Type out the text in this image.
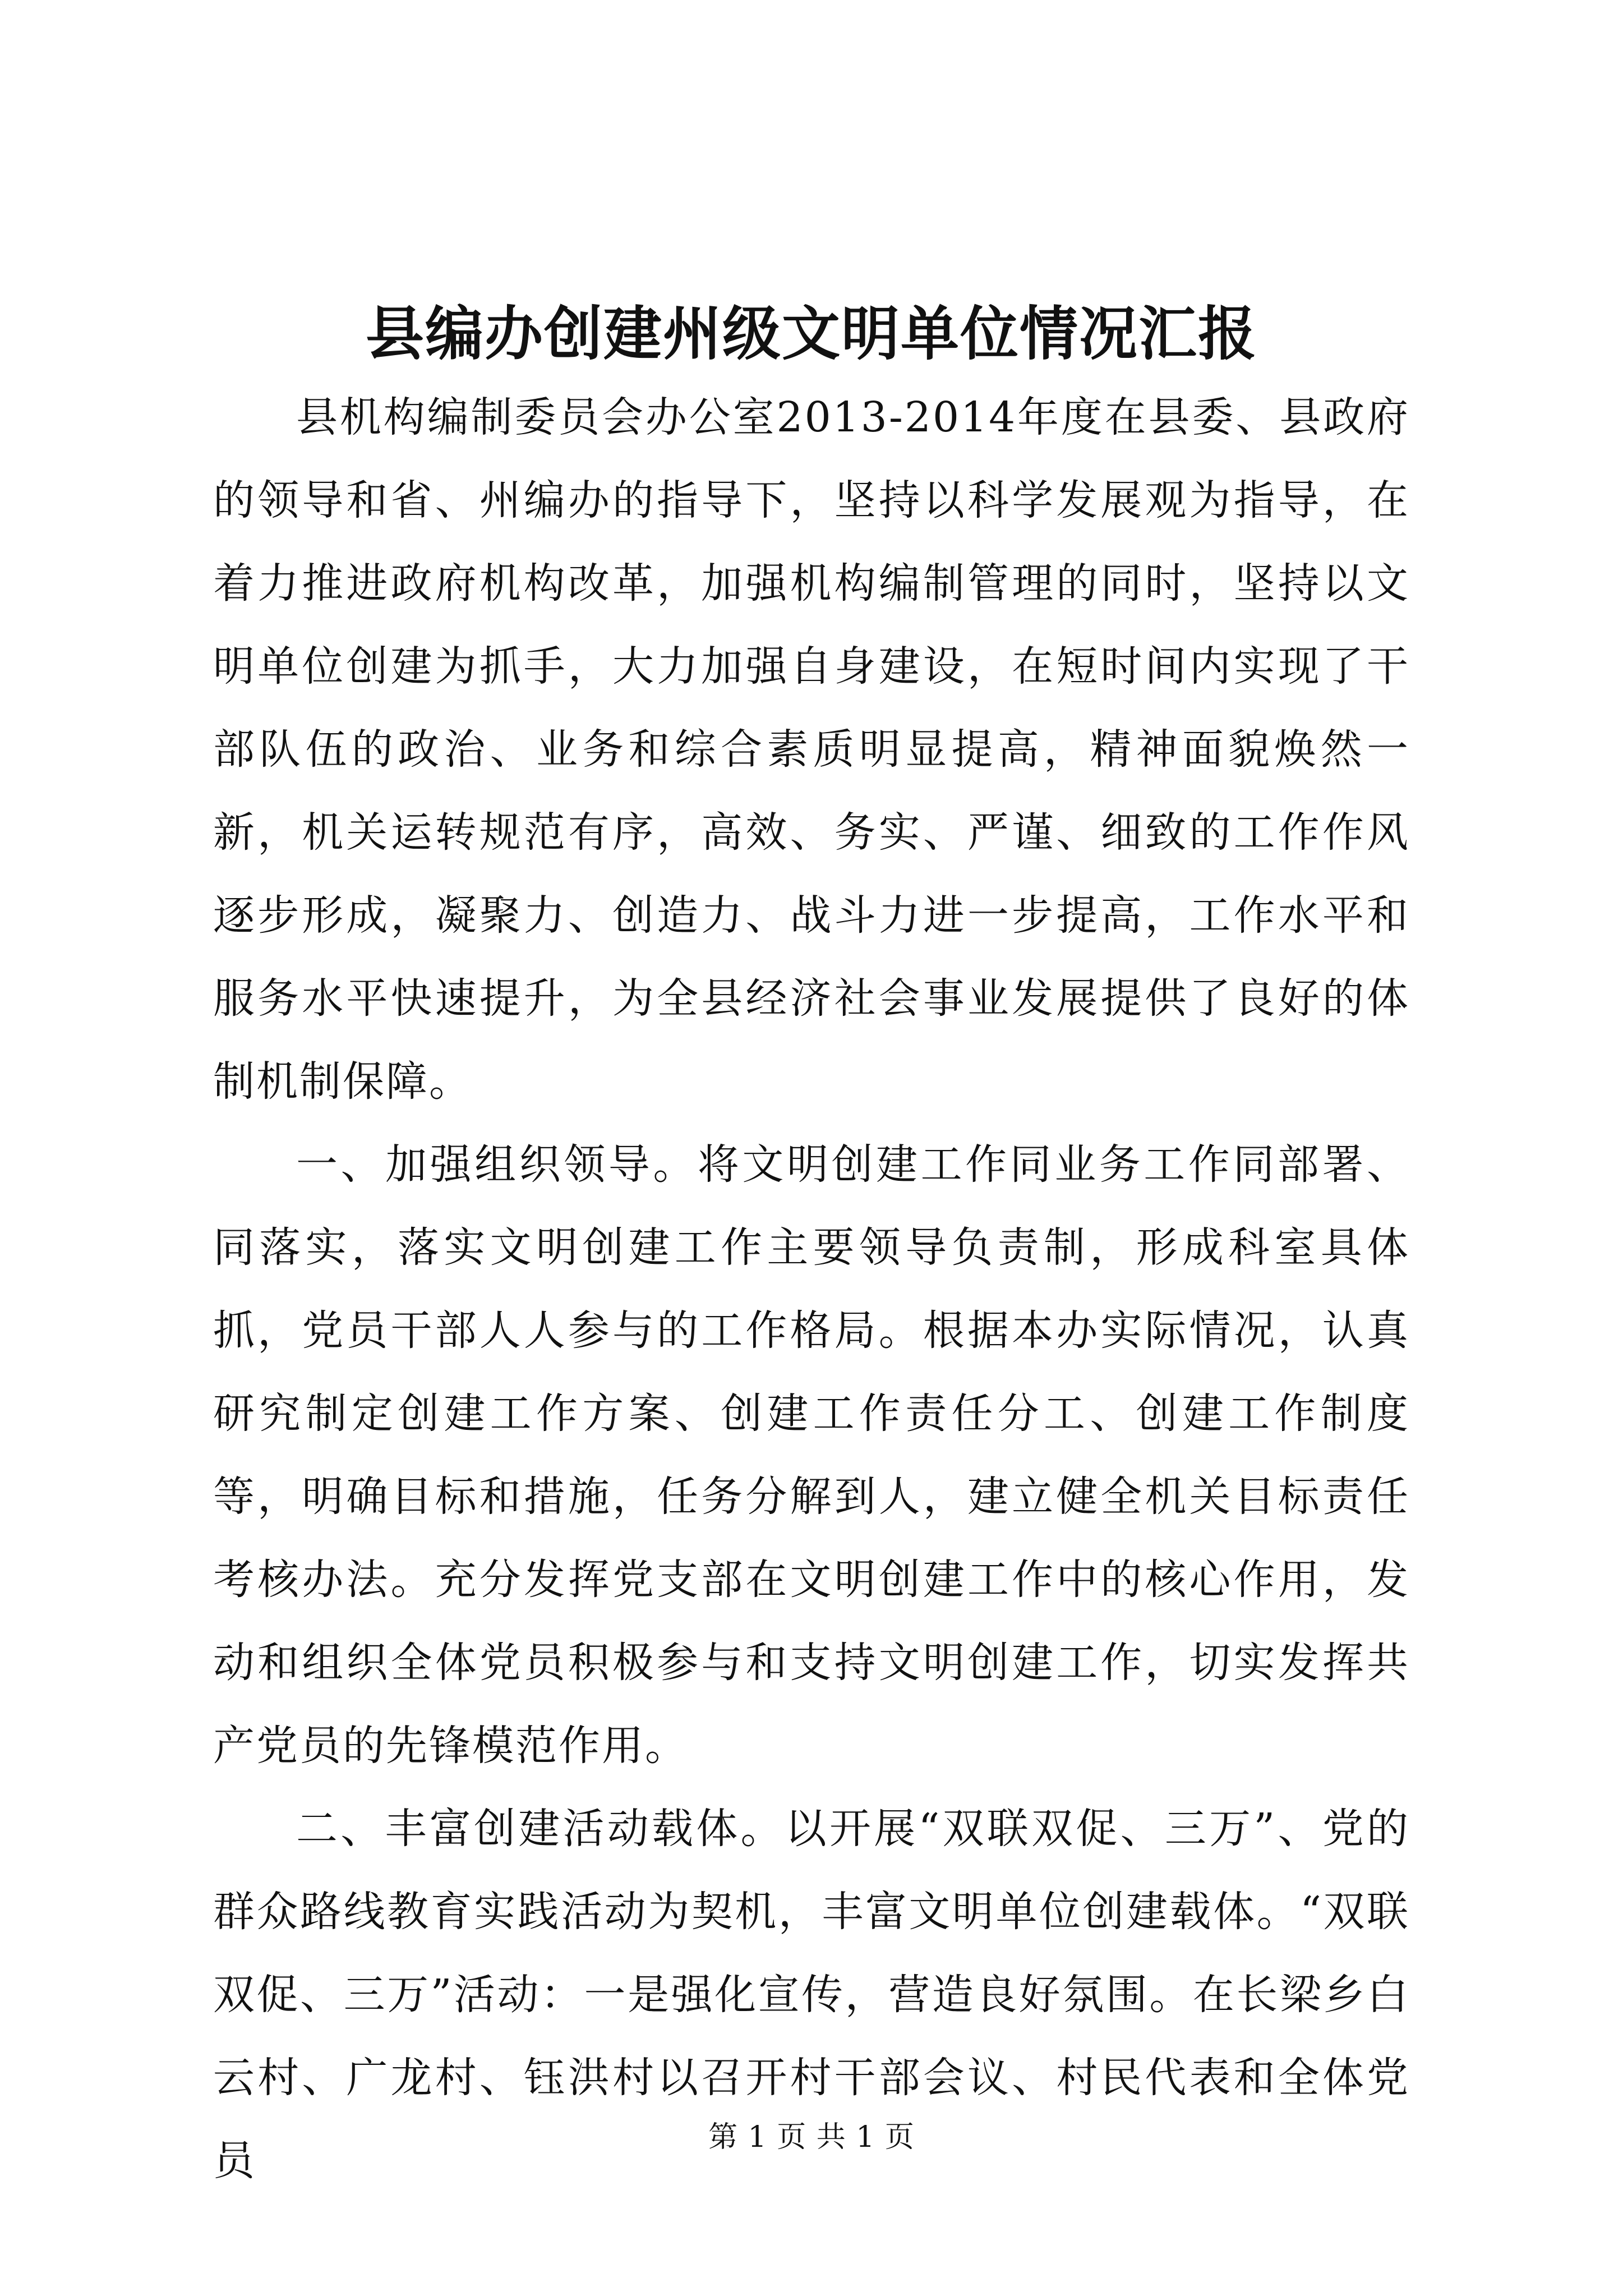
县编办创建州级文明单位情况汇报

县机构编制委员会办公室2013-2014年度在县委、县政府的领导和省、州编办的指导下，坚持以科学发展观为指导，在着力推进政府机构改革，加强机构编制管理的同时，坚持以文明单位创建为抓手，大力加强自身建设，在短时间内实现了干部队伍的政治、业务和综合素质明显提高，精神面貌焕然一新，机关运转规范有序，高效、务实、严谨、细致的工作作风逐步形成，凝聚力、创造力、战斗力进一步提高，工作水平和服务水平快速提升，为全县经济社会事业发展提供了良好的体制机制保障。

一、加强组织领导。将文明创建工作同业务工作同部署、同落实，落实文明创建工作主要领导负责制，形成科室具体抓，党员干部人人参与的工作格局。根据本办实际情况，认真研究制定创建工作方案、创建工作责任分工、创建工作制度等，明确目标和措施，任务分解到人，建立健全机关目标责任考核办法。充分发挥党支部在文明创建工作中的核心作用，发动和组织全体党员积极参与和支持文明创建工作，切实发挥共产党员的先锋模范作用。

二、丰富创建活动载体。以开展“双联双促、三万”、党的群众路线教育实践活动为契机，丰富文明单位创建载体。“双联双促、三万”活动：一是强化宣传，营造良好氛围。在长梁乡白云村、广龙村、钰洪村以召开村干部会议、村民代表和全体党员	第 1 页 共 1 页
